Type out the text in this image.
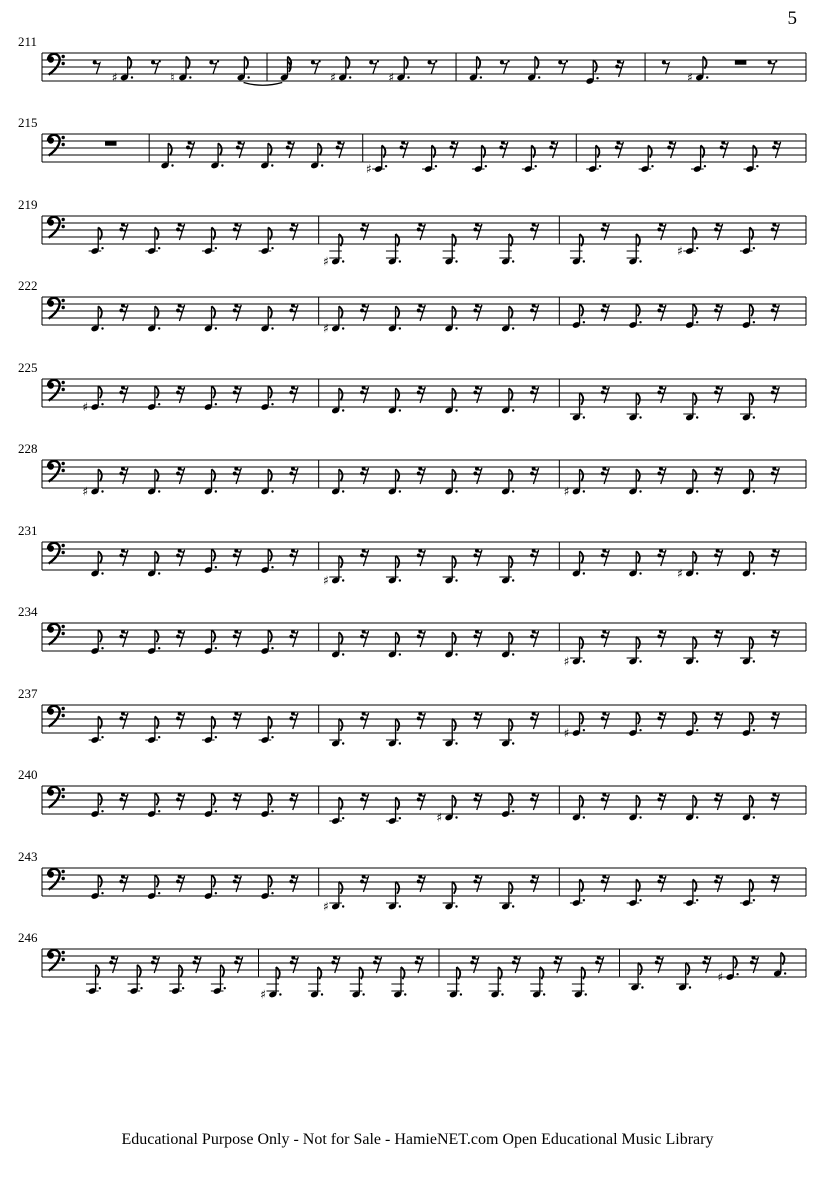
5
211
♯	♮	♯	♯	♯
215
♯
219
♯
♯
222
♯
225
♯
228
♯	♯
231
♯	♯
234
♯
237
♯
240
♯
243
♯
246
♯
♯
Educational Purpose Only - Not for Sale - HamieNET.com Open Educational Music Library
